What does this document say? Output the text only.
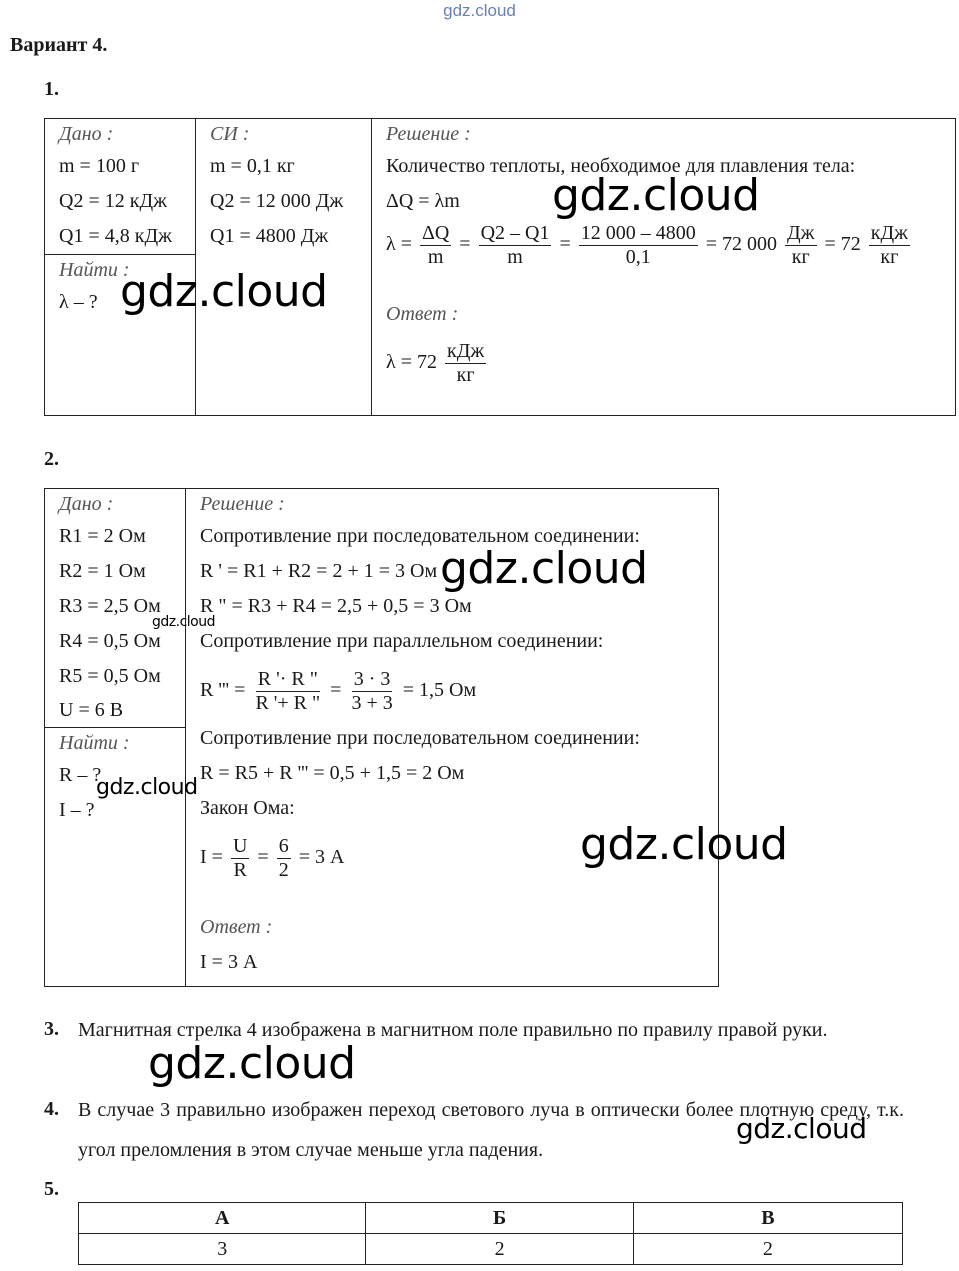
gdz.cloud
Вариант 4.
1.
Дано :
m = 100 г
Q2 = 12 кДж
Q1 = 4,8 кДж

СИ :
m = 0,1 кг
Q2 = 12 000 Дж
Q1 = 4800 Дж

Решение :
Количество теплоты, необходимое для плавления тела:
ΔQ = λm
$\lambda = \frac{\Delta Q}{m} = \frac{Q2 - Q1}{m} = \frac{12 000 - 4800}{0,1} = 72$ $000 \frac{Дж}{кг} = 72 \frac{\text{кДж}}{кг}$
Ответ :
$\lambda = 72 \frac{\text{кДж}}{кг}$

Найти :
λ – ?
2.
Дано :
R1 = 2 Ом
R2 = 1 Ом
R3 = 2,5 Ом
R4 = 0,5 Ом
R5 = 0,5 Ом
U = 6 В

Решение :
Сопротивление при последовательном соединении:
R ' = R1 + R2 = 2 + 1 = 3 Ом
R " = R3 + R4 = 2,5 + 0,5 = 3 Ом
Сопротивление при параллельном соединении:
R ''' = $\frac{R '\cdot R "}{R '+ R "} = \frac{3 \cdot 3}{3 + 3} = 1,5$ Ом
Сопротивление при последовательном соединении:
R = R5 + R ''' = 0,5 + 1,5 = 2 Ом
Закон Ома:
$I = \frac{U}{R} = \frac{6}{2} = 3$ А
Ответ :
I = 3 А

Найти :
R – ?
I – ?
3. Магнитная стрелка 4 изображена в магнитном поле правильно по правилу правой руки.
4. В случае 3 правильно изображен переход светового луча в оптически более плотную среду, т.к. угол преломления в этом случае меньше угла падения.
5.
А	Б	В
3	2	2
gdz.cloud
gdz.cloud
gdz.cloud
gdz.cloud
gdz.cloud
gdz.cloud
gdz.cloud
gdz.cloud
